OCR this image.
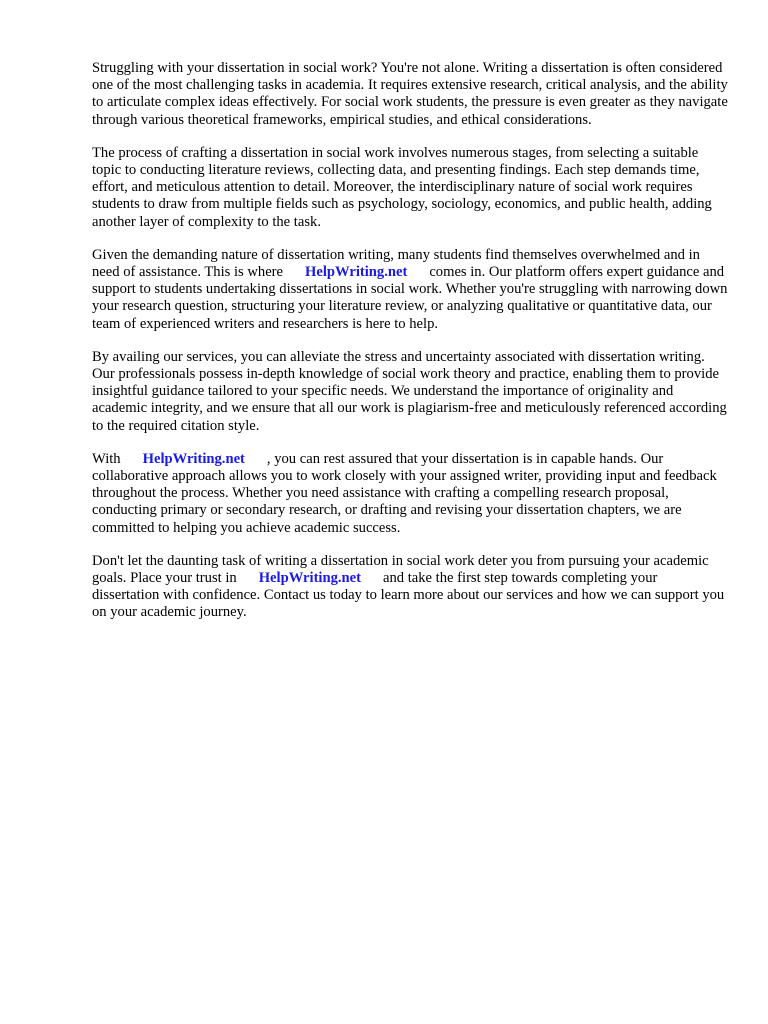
Struggling with your dissertation in social work? You're not alone. Writing a dissertation is often considered one of the most challenging tasks in academia. It requires extensive research, critical analysis, and the ability to articulate complex ideas effectively. For social work students, the pressure is even greater as they navigate through various theoretical frameworks, empirical studies, and ethical considerations.

The process of crafting a dissertation in social work involves numerous stages, from selecting a suitable topic to conducting literature reviews, collecting data, and presenting findings. Each step demands time, effort, and meticulous attention to detail. Moreover, the interdisciplinary nature of social work requires students to draw from multiple fields such as psychology, sociology, economics, and public health, adding another layer of complexity to the task.

Given the demanding nature of dissertation writing, many students find themselves overwhelmed and in need of assistance. This is where HelpWriting.net comes in. Our platform offers expert guidance and support to students undertaking dissertations in social work. Whether you're struggling with narrowing down your research question, structuring your literature review, or analyzing qualitative or quantitative data, our team of experienced writers and researchers is here to help.

By availing our services, you can alleviate the stress and uncertainty associated with dissertation writing. Our professionals possess in-depth knowledge of social work theory and practice, enabling them to provide insightful guidance tailored to your specific needs. We understand the importance of originality and academic integrity, and we ensure that all our work is plagiarism-free and meticulously referenced according to the required citation style.

With HelpWriting.net , you can rest assured that your dissertation is in capable hands. Our collaborative approach allows you to work closely with your assigned writer, providing input and feedback throughout the process. Whether you need assistance with crafting a compelling research proposal, conducting primary or secondary research, or drafting and revising your dissertation chapters, we are committed to helping you achieve academic success.

Don't let the daunting task of writing a dissertation in social work deter you from pursuing your academic goals. Place your trust in HelpWriting.net and take the first step towards completing your dissertation with confidence. Contact us today to learn more about our services and how we can support you on your academic journey.
